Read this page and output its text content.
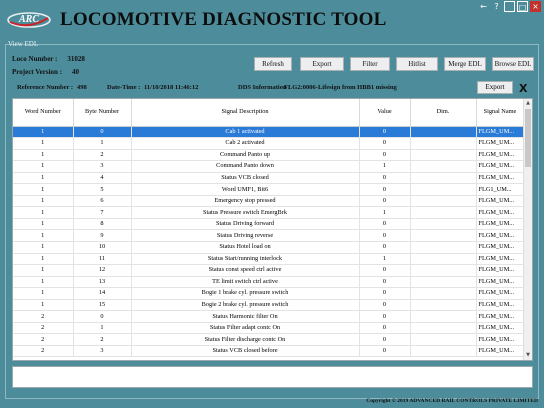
ARC LOCOMOTIVE DIAGNOSTIC TOOL
← ?	_ □ ×
View EDL
Loco Number : 31028
Project Version : 40
Refresh	Export	Filter	Hitlist	Merge EDL	Browse EDL
Reference Number : 498	Date-Time : 11/10/2018 11:46:12	DDS Information :
FLG2:0006-Lifesign from HBB1 missing	Export	X
Word Number	Byte Number	Signal Description	Value	Dim.	Signal Name
1	0	Cab 1 activated	0		FLGM_UM...
1	1	Cab 2 activated	0		FLGM_UM...
1	2	Command Panto up	0		FLGM_UM...
1	3	Command Panto down	1		FLGM_UM...
1	4	Status VCB closed	0		FLGM_UM...
1	5	Word UMF1, Bit6	0		FLG1_UM...
1	6	Emergency stop pressed	0		FLGM_UM...
1	7	Status Pressure switch EmergBrk	1		FLGM_UM...
1	8	Status Driving forward	0		FLGM_UM...
1	9	Status Driving reverse	0		FLGM_UM...
1	10	Status Hotel load on	0		FLGM_UM...
1	11	Status Start/running interlock	1		FLGM_UM...
1	12	Status const speed ctrl active	0		FLGM_UM...
1	13	TE limit switch ctrl active	0		FLGM_UM...
1	14	Bogie 1 brake cyl. pressure switch	0		FLGM_UM...
1	15	Bogie 2 brake cyl. pressure switch	0		FLGM_UM...
2	0	Status Harmonic filter On	0		FLGM_UM...
2	1	Status Filter adapt contc On	0		FLGM_UM...
2	2	Status Filter discharge contc On	0		FLGM_UM...
2	3	Status VCB closed before	0		FLGM_UM...
▲
▼
Copyright © 2019 ADVANCED RAIL CONTROLS PRIVATE LIMITED
